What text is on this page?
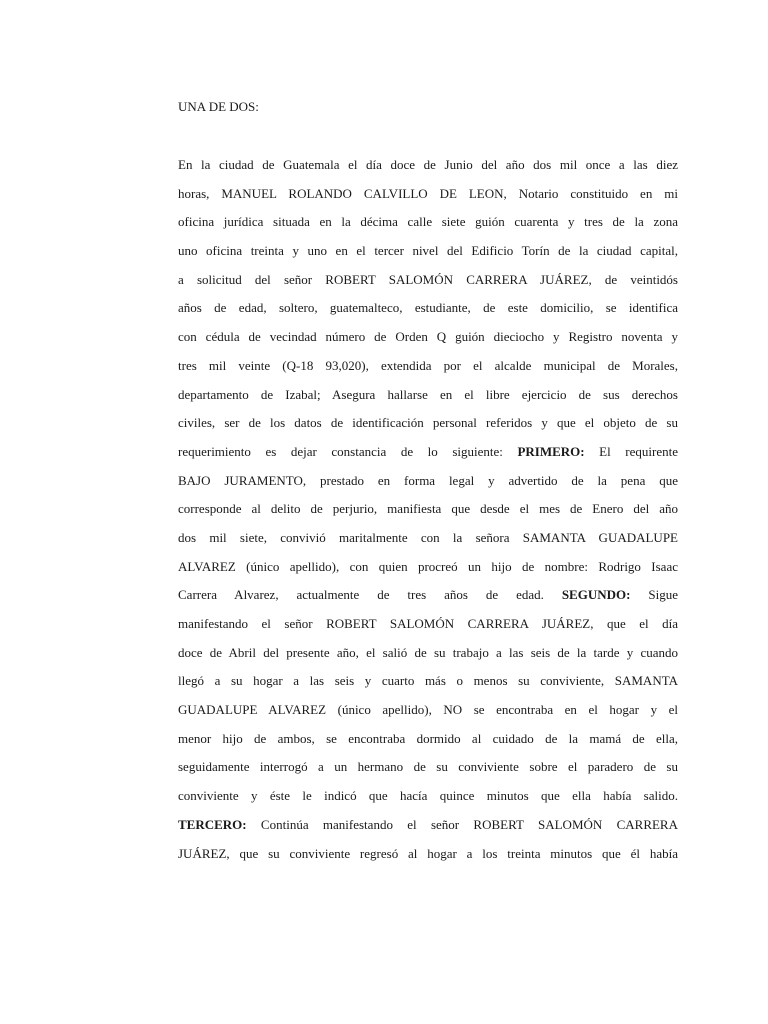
UNA DE DOS:
En la ciudad de Guatemala el día doce de Junio del año dos mil once a las diez
horas, MANUEL ROLANDO CALVILLO DE LEON, Notario constituido en mi
oficina jurídica situada en la décima calle siete guión cuarenta y tres de la zona
uno oficina treinta y uno en el tercer nivel del Edificio Torín de la ciudad capital,
a solicitud del señor ROBERT SALOMÓN CARRERA JUÁREZ, de veintidós
años de edad, soltero, guatemalteco, estudiante, de este domicilio, se identifica
con cédula de vecindad número de Orden Q guión dieciocho y Registro noventa y
tres mil veinte (Q-18 93,020), extendida por el alcalde municipal de Morales,
departamento de Izabal; Asegura hallarse en el libre ejercicio de sus derechos
civiles, ser de los datos de identificación personal referidos y que el objeto de su
requerimiento es dejar constancia de lo siguiente: PRIMERO: El requirente
BAJO JURAMENTO, prestado en forma legal y advertido de la pena que
corresponde al delito de perjurio, manifiesta que desde el mes de Enero del año
dos mil siete, convivió maritalmente con la señora SAMANTA GUADALUPE
ALVAREZ (único apellido), con quien procreó un hijo de nombre: Rodrigo Isaac
Carrera Alvarez, actualmente de tres años de edad. SEGUNDO: Sigue
manifestando el señor ROBERT SALOMÓN CARRERA JUÁREZ, que el día
doce de Abril del presente año, el salió de su trabajo a las seis de la tarde y cuando
llegó a su hogar a las seis y cuarto más o menos su conviviente, SAMANTA
GUADALUPE ALVAREZ (único apellido), NO se encontraba en el hogar y el
menor hijo de ambos, se encontraba dormido al cuidado de la mamá de ella,
seguidamente interrogó a un hermano de su conviviente sobre el paradero de su
conviviente y éste le indicó que hacía quince minutos que ella había salido.
TERCERO: Continúa manifestando el señor ROBERT SALOMÓN CARRERA
JUÁREZ, que su conviviente regresó al hogar a los treinta minutos que él había
